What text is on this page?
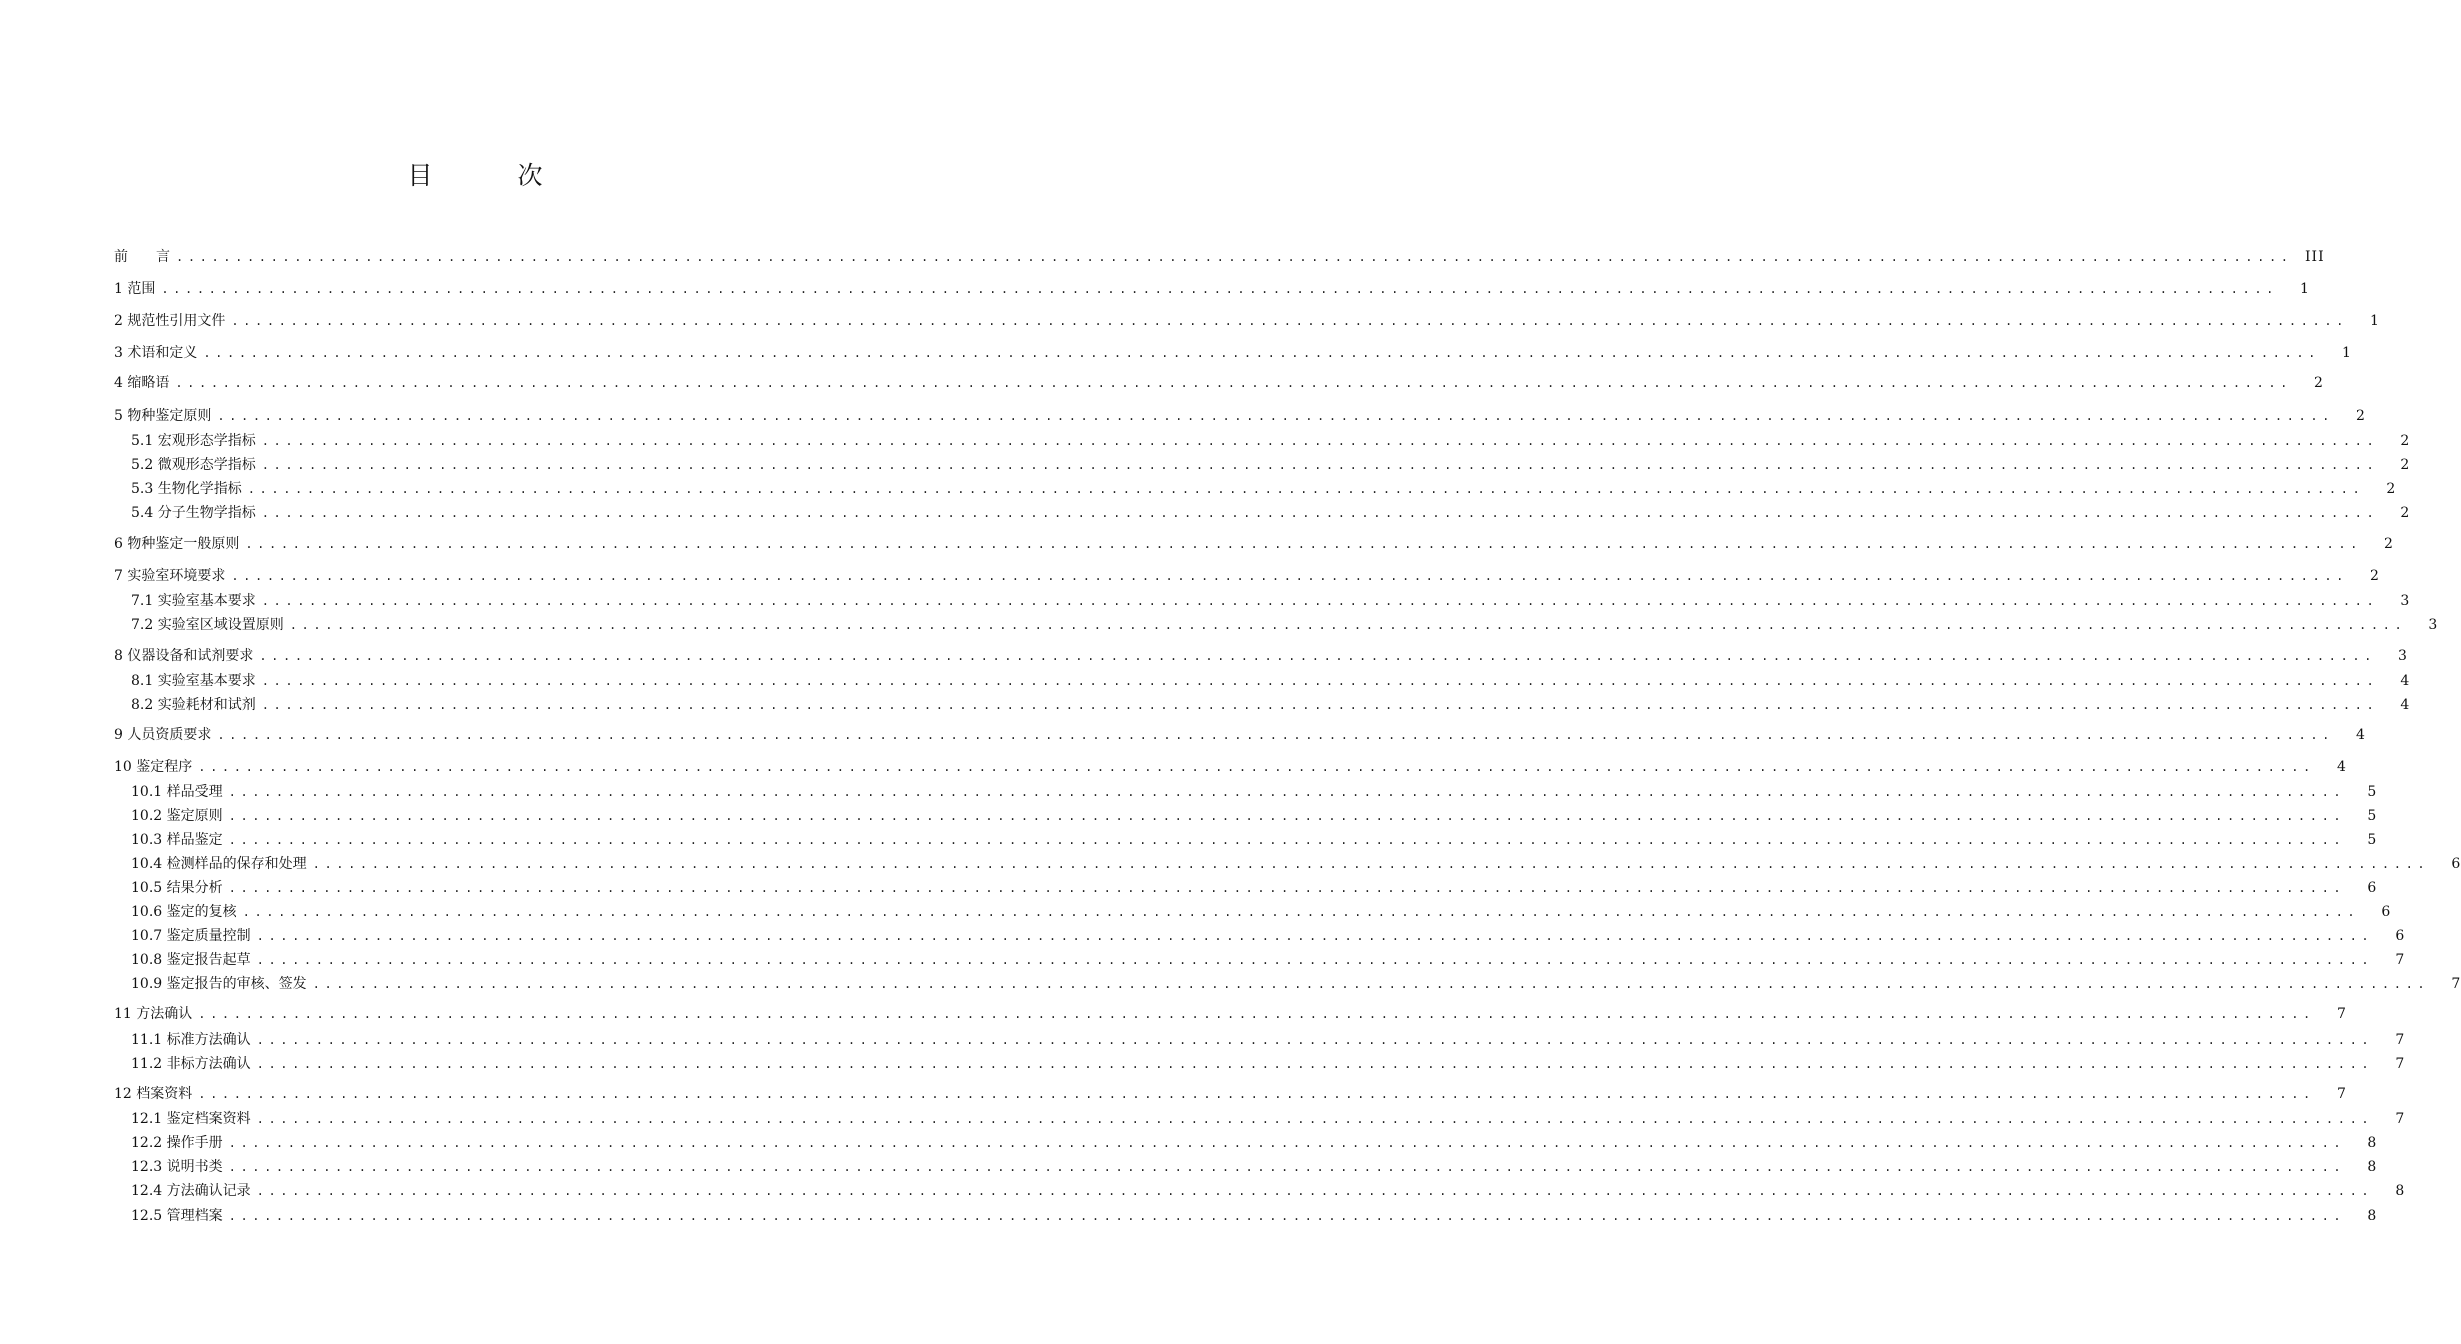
目　次
前　　言 ................................................................................................................................................................................... III
1 范围 ...................................................................................................................................................................................	1
2 规范性引用文件 ...................................................................................................................................................................................	1
3 术语和定义 ...................................................................................................................................................................................	1
4 缩略语 ...................................................................................................................................................................................	2
5 物种鉴定原则 ...................................................................................................................................................................................	2
5.1 宏观形态学指标 ...................................................................................................................................................................................	2
5.2 微观形态学指标 ...................................................................................................................................................................................	2
5.3 生物化学指标 ...................................................................................................................................................................................	2
5.4 分子生物学指标 ...................................................................................................................................................................................	2
6 物种鉴定一般原则 ...................................................................................................................................................................................	2
7 实验室环境要求 ...................................................................................................................................................................................	2
7.1 实验室基本要求 ...................................................................................................................................................................................	3
7.2 实验室区域设置原则 ...................................................................................................................................................................................	3
8 仪器设备和试剂要求 ...................................................................................................................................................................................	3
8.1 实验室基本要求 ...................................................................................................................................................................................	4
8.2 实验耗材和试剂 ...................................................................................................................................................................................	4
9 人员资质要求 ...................................................................................................................................................................................	4
10 鉴定程序 ...................................................................................................................................................................................	4
10.1 样品受理 ...................................................................................................................................................................................	5
10.2 鉴定原则 ...................................................................................................................................................................................	5
10.3 样品鉴定 ...................................................................................................................................................................................	5
10.4 检测样品的保存和处理 ...................................................................................................................................................................................	6
10.5 结果分析 ...................................................................................................................................................................................	6
10.6 鉴定的复核 ...................................................................................................................................................................................	6
10.7 鉴定质量控制 ...................................................................................................................................................................................	6
10.8 鉴定报告起草 ...................................................................................................................................................................................	7
10.9 鉴定报告的审核、签发 ...................................................................................................................................................................................	7
11 方法确认 ...................................................................................................................................................................................	7
11.1 标准方法确认 ...................................................................................................................................................................................	7
11.2 非标方法确认 ...................................................................................................................................................................................	7
12 档案资料 ...................................................................................................................................................................................	7
12.1 鉴定档案资料 ...................................................................................................................................................................................	7
12.2 操作手册 ...................................................................................................................................................................................	8
12.3 说明书类 ...................................................................................................................................................................................	8
12.4 方法确认记录 ...................................................................................................................................................................................	8
12.5 管理档案 ...................................................................................................................................................................................	8
